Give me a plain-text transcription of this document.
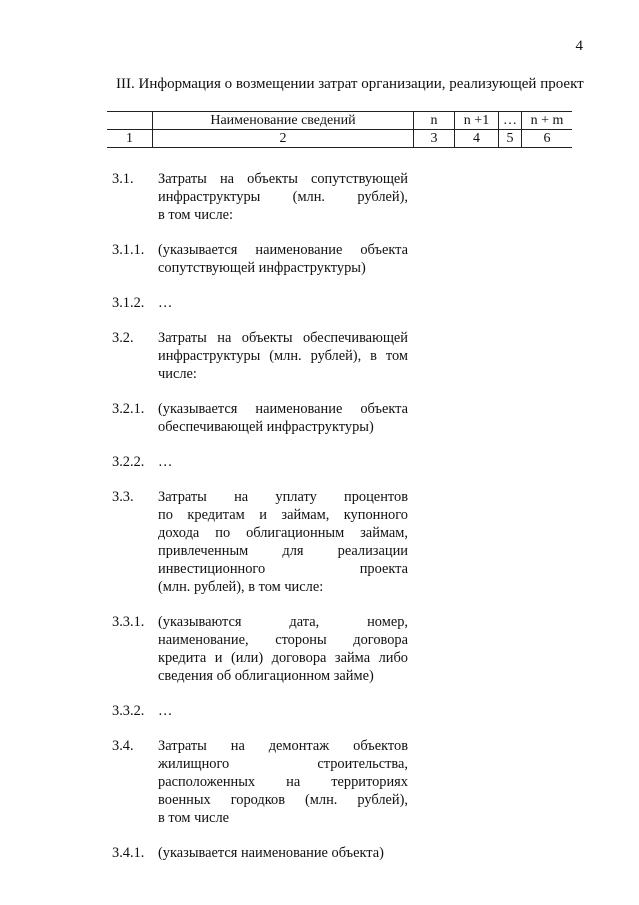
4
III. Информация о возмещении затрат организации, реализующей проект
	Наименование сведений	n	n +1	…	n + m
1	2	3	4	5	6
3.1.	Затраты на объекты сопутствующей
инфраструктуры (млн. рублей),
в том числе:
3.1.1. (указывается наименование объекта
сопутствующей инфраструктуры)
3.1.2. …
3.2.	Затраты на объекты обеспечивающей
инфраструктуры (млн. рублей), в том
числе:
3.2.1. (указывается наименование объекта
обеспечивающей инфраструктуры)
3.2.2. …
3.3.	Затраты на уплату процентов
по кредитам и займам, купонного
дохода по облигационным займам,
привлеченным для реализации
инвестиционного проекта
(млн. рублей), в том числе:
3.3.1. (указываются дата, номер,
наименование, стороны договора
кредита и (или) договора займа либо
сведения об облигационном займе)
3.3.2. …
3.4.	Затраты на демонтаж объектов
жилищного строительства,
расположенных на территориях
военных городков (млн. рублей),
в том числе
3.4.1. (указывается наименование объекта)
